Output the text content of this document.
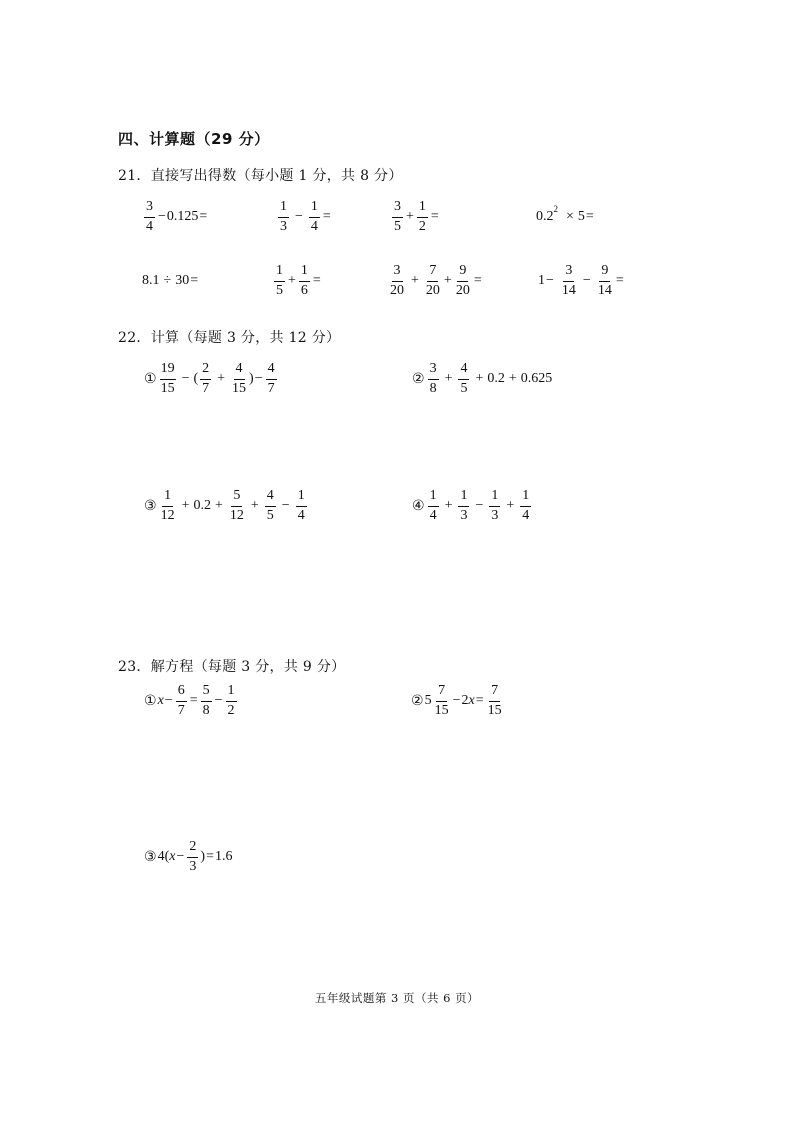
四、计算题（29 分）
21．直接写出得数（每小题 1 分，共 8 分）
$\frac{3}{4} - 0.125$ =	$\frac{1}{3} - \frac{1}{4}$ =	$\frac{3}{5} + \frac{1}{2}$ =	$0.2^2 \times 5$ =
8.1 ÷ 30 =	$\frac{1}{5} + \frac{1}{6}$ =	$\frac{3}{20} + \frac{7}{20} + \frac{9}{20}$ =	$1 - \frac{3}{14} - \frac{9}{14}$ =
22．计算（每题 3 分，共 12 分）
① $\frac{19}{15}$ − ( $\frac{2}{7} + \frac{4}{15}$ ) − $\frac{4}{7}$	② $\frac{3}{8} + \frac{4}{5} + 0.2 + 0.625$
③ $\frac{1}{12} + 0.2 + \frac{5}{12} + \frac{4}{5} - \frac{1}{4}$	④ $\frac{1}{4} + \frac{1}{3} - \frac{1}{3} + \frac{1}{4}$
23．解方程（每题 3 分，共 9 分）
① $x - \frac{6}{7} = \frac{5}{8} - \frac{1}{2}$	② $5 \frac{7}{15} - 2$ $x = \frac{7}{15}$
③ 4 ( $x - \frac{2}{3}$ ) = 1.6
五年级试题第 3 页（共 6 页）
